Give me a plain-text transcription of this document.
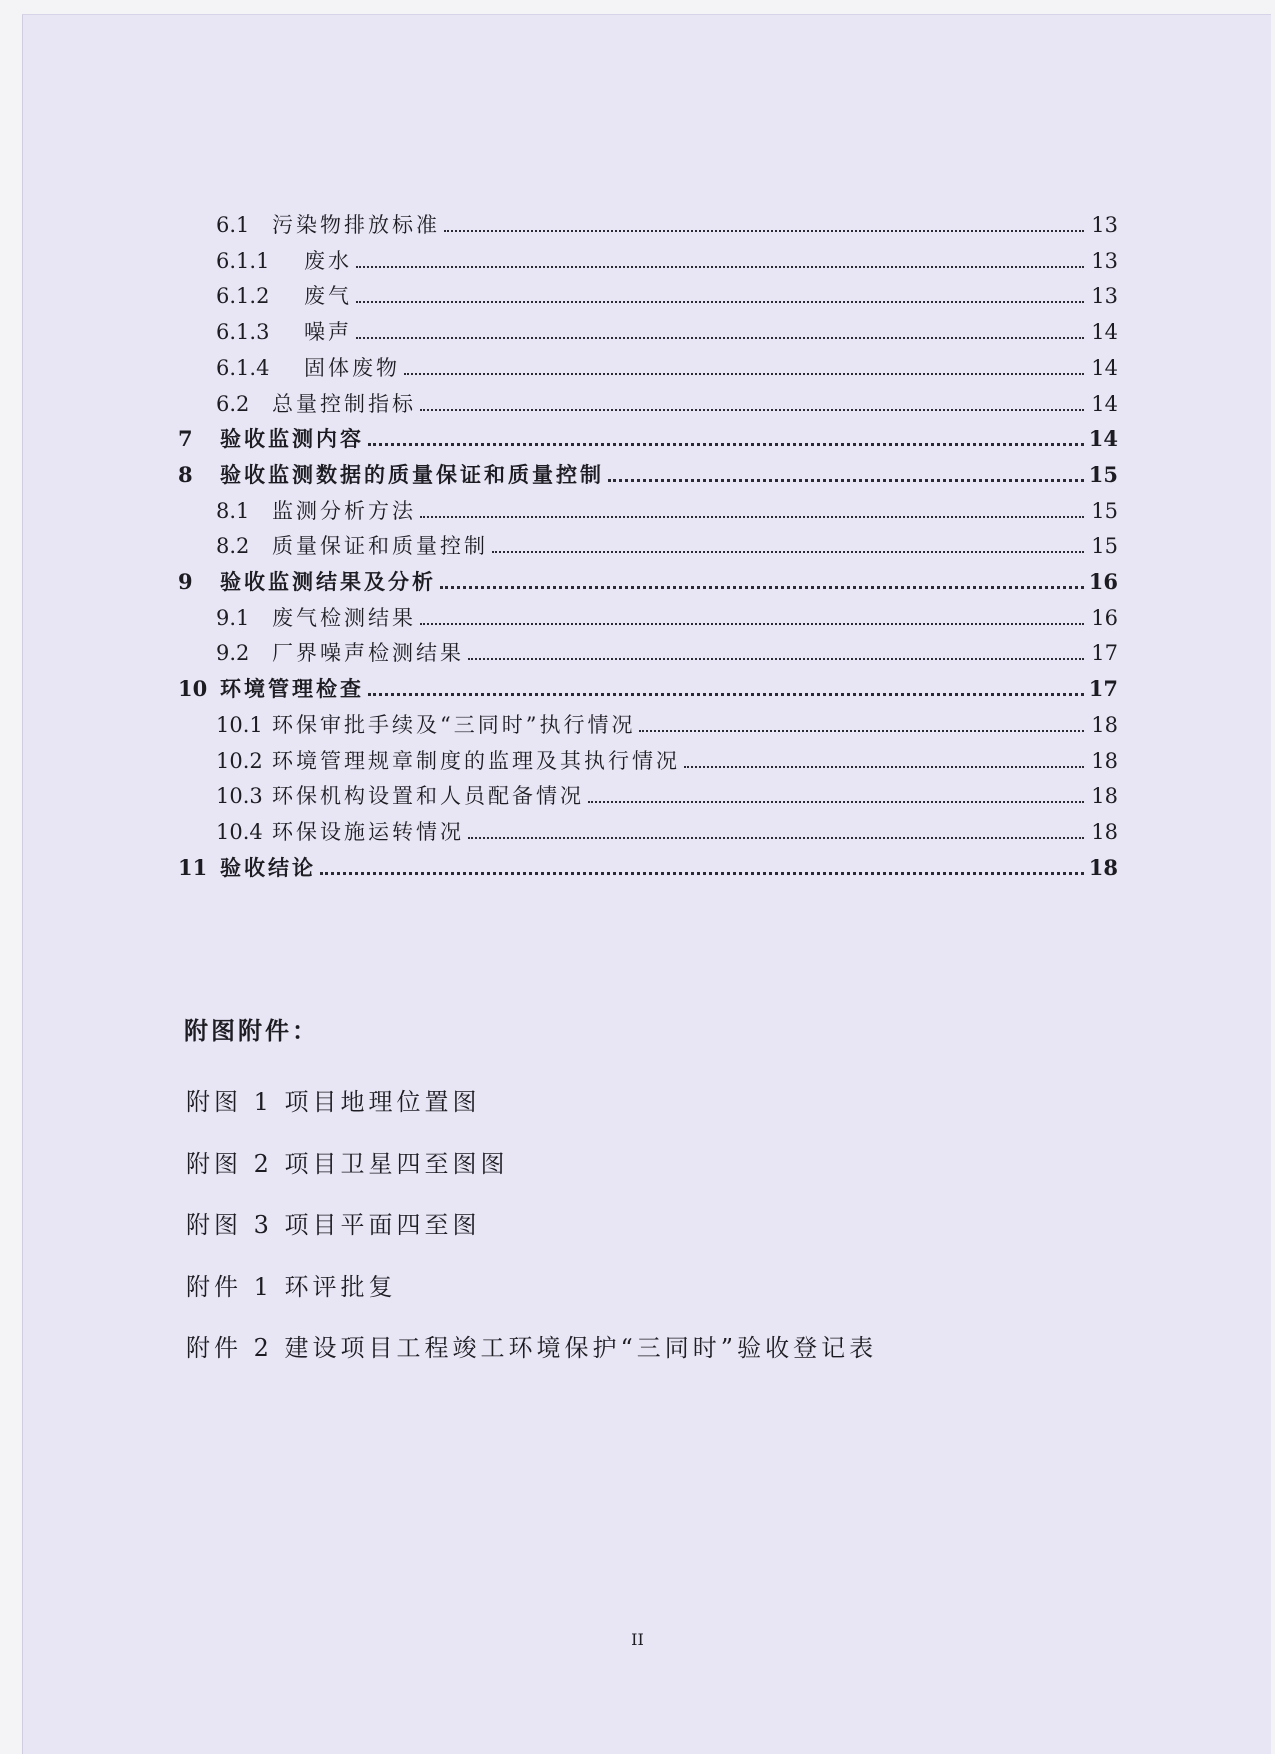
6.1	污染物排放标准	13
6.1.1	废水	13
6.1.2	废气	13
6.1.3	噪声	14
6.1.4	固体废物	14
6.2	总量控制指标	14
7	验收监测内容	14
8	验收监测数据的质量保证和质量控制	15
8.1	监测分析方法	15
8.2	质量保证和质量控制	15
9	验收监测结果及分析	16
9.1	废气检测结果	16
9.2	厂界噪声检测结果	17
10 环境管理检查	17
10.1 环保审批手续及“三同时”执行情况	18
10.2 环境管理规章制度的监理及其执行情况	18
10.3 环保机构设置和人员配备情况	18
10.4 环保设施运转情况	18
11 验收结论	18
附图附件：
附图 1 项目地理位置图
附图 2 项目卫星四至图图
附图 3 项目平面四至图
附件 1 环评批复
附件 2 建设项目工程竣工环境保护“三同时”验收登记表
II
